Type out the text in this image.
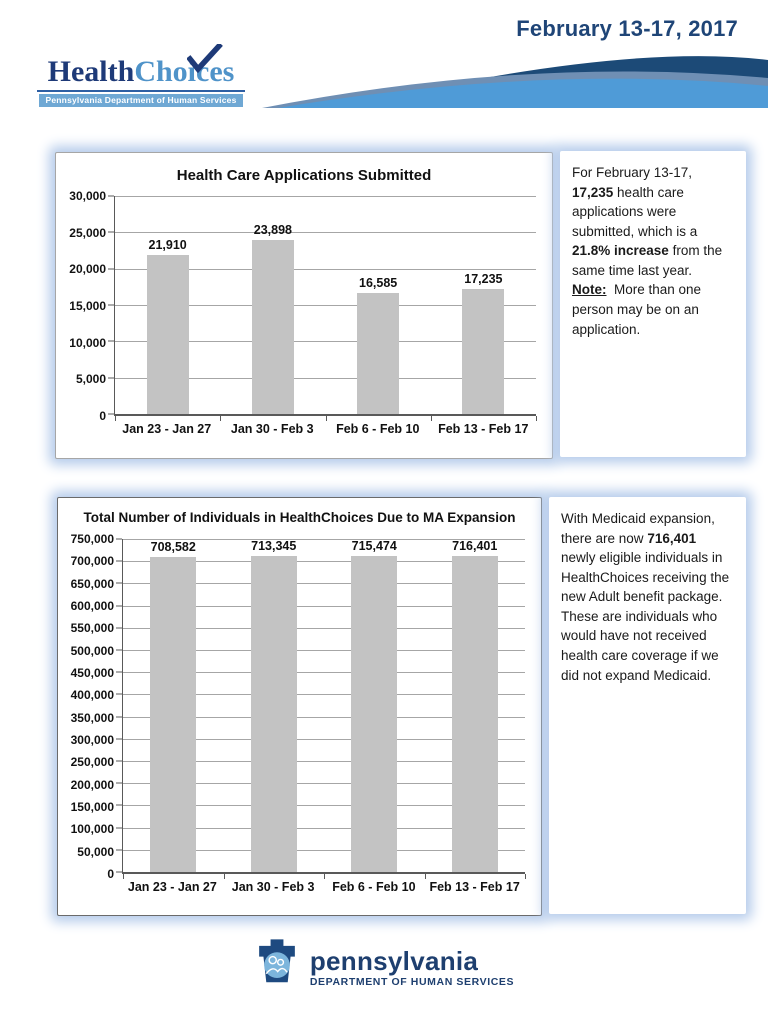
February 13-17, 2017
HealthChoices
Pennsylvania Department of Human Services
Health Care Applications Submitted
30,000
25,000
20,000
15,000
10,000
5,000
0
21,910
23,898
16,585	17,235
Jan 23 - Jan 27	Jan 30 - Feb 3	Feb 6 - Feb 10	Feb 13 - Feb 17
For February 13-17, 17,235 health care applications were submitted, which is a 21.8% increase from the same time last year.
Note:  More than one person may be on an application.
Total Number of Individuals in HealthChoices Due to MA Expansion
750,000
700,000
650,000
600,000
550,000
500,000
450,000
400,000
350,000
300,000
250,000
200,000
150,000
100,000
50,000
0
708,582	713,345	715,474	716,401
Jan 23 - Jan 27	Jan 30 - Feb 3	Feb 6 - Feb 10	Feb 13 - Feb 17
With Medicaid expansion, there are now 716,401 newly eligible individuals in HealthChoices receiving the new Adult benefit package.  These are individuals who would have not received health care coverage if we did not expand Medicaid.
pennsylvania
DEPARTMENT OF HUMAN SERVICES
